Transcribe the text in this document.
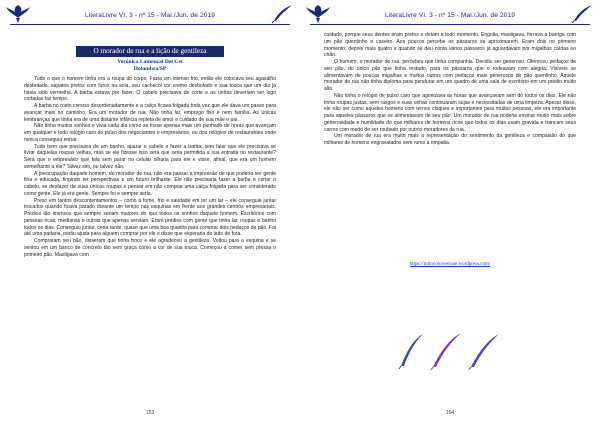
LiteraLivre VI. 3 - nº 15 - Mai./Jun. de 2019
O morador de rua e a lição de gentileza
Verônica Lamenzal Del Cet
Holambra/SP

Tudo o que o homem tinha era a roupa do corpo. Fazia um intenso frio, então ele colocava seu agasalho desbotado, sapatos pretos com furos na sola, seu cachecol cor creme desbotado e sua touca que um dia já havia sido vermelha. A barba estava por fazer. O cabelo precisava de corte e as unhas deveriam ser logo cortadas faz tempo.

A barba no rosto crescia desordenadamente e a calça ficava folgada toda vez que ele dava um passo para avançar mais no caminho. Era um morador de rua. Não tinha lar, emprego fixo e nem família. As únicas lembranças que tinha era de uma distante infância repleta de amor e cuidado de sua mãe e pai.

Não tinha muitos sonhos e vivia cada dia como se fosse apenas mais um punhado de horas que avançam em qualquer e todo relógio caro do pulso dos negociantes e empresários, ou dos relógios de restaurantes onde nunca conseguia entrar.

Tudo bem que precisava de um banho, aparar o cabelo e fazer a barba, sem falar que ele precisava se livrar daquelas roupas velhas, mas se ele fizesse isso será que seria permitida a sua entrada no restaurante? Será que o empresário que fala sem parar no celular olharia para ele e visse, afinal, que era um homem semelhante a ele? Talvez sim, ou talvez não.

A preocupação daquele homem, do morador de rua, não era passar a impressão de que poderia ser gente fina e educada, fingindo ter perspectivas e um futuro brilhante. Ele não precisaria fazer a barba e cortar o cabelo, se desfazer de suas únicas roupas e pensar em não comprar uma calça folgada para ser considerado como gente. Ele já era gente. Sempre foi e sempre seria.

Preso em tantos descontentamentos – como a fome, frio e saudade em ter um lar – ele conseguia juntar trocados quando ficava parado durante um tempo nas esquinas em frente aos grandes centros empresariais. Prédios tão imensos que sempre seriam maiores do que todos os sonhos daquele homem. Escritórios com pessoas ricas, medianas e outras que apenas serviam. Eram prédios com gente que tinha lar, roupas e banho todos os dias. Conseguiu juntar, certa tarde, quase que uma boa quantia para comprar dois pedaços de pão. Foi até uma padaria, pediu ajuda para alguém comprar por ele e disse que esperaria do lado de fora.

Compraram seu pão, disseram que tinha troco e ele agradeceu a gentileza. Voltou para a esquina e se sentou em um banco de concreto tão sem graça como a cor de sua touca. Começou a comer sem pressa o primeiro pão. Mastigava com

153
LiteraLivre VI. 3 - nº 15 - Mai./Jun. de 2019

cuidado, porque seus dentes eram pretos e doíam a todo momento. Engolia, mastigava, forrava a barriga com um pão quentinho e caseiro. Aos poucos percebe os pássaros se aproximarem. Eram dois no primeiro momento, depois mais quatro e quando se deu conta vários pássaros já aguardavam por migalhas caídas no chão.

O homem, o morador de rua, percebeu que tinha companhia. Decidiu ser generoso. Ofereceu pedaços de seu pão, do único pão que tinha restado, para os pássaros que o rodeavam com alegria. Visíveis se alimentavam de poucas migalhas e muitos outros com pedaços mais generosos de pão quentinho. Aquele morador de rua não tinha diploma para pendurar em um quadro de uma sala de escritório em um prédio muito alto.

Não tinha o relógio de pulso caro que agonizava as horas que avançavam sem dó todos os dias. Ele não tinha roupas justas, sem rasgos e suas unhas continuaram sujas e necessitadas de uma limpeza. Apesar disso, ele não ser como aqueles homens com ternos chiques e importantes para muitas pessoas, ele era importante para aqueles pássaros que se alimentavam de seu pão. Um morador de rua poderia ensinar muito mais sobre generosidade e humildade do que milhares de homens ricos que todos os dias usam gravata e trancam seus carros com medo de ser roubado por outros moradores de rua.

Um morador de rua era muito mais a representação do sentimento da gentileza e compaixão do que milhares de homens engravatados sem rumo à empatia.

https://mlinvoiceverone.wordpress.com/
154
